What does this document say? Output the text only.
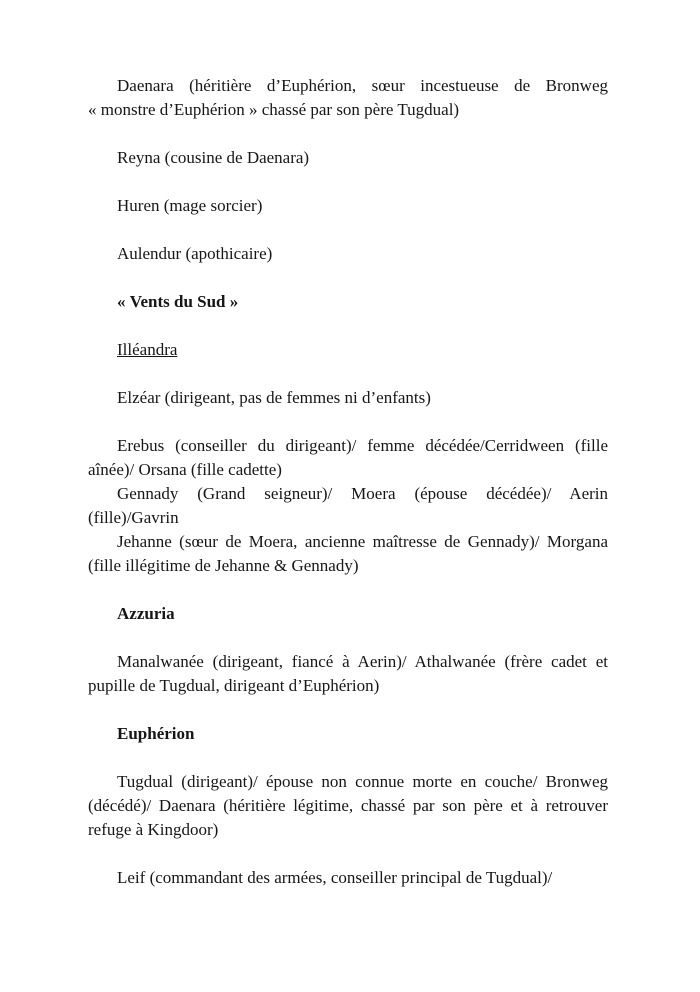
Daenara (héritière d’Euphérion, sœur incestueuse de Bronweg « monstre d’Euphérion » chassé par son père Tugdual)

Reyna (cousine de Daenara)

Huren (mage sorcier)

Aulendur (apothicaire)

« Vents du Sud »

Illéandra

Elzéar (dirigeant, pas de femmes ni d’enfants)

Erebus (conseiller du dirigeant)/ femme décédée/Cerridween (fille aînée)/ Orsana (fille cadette)

Gennady (Grand seigneur)/ Moera (épouse décédée)/ Aerin (fille)/Gavrin

Jehanne (sœur de Moera, ancienne maîtresse de Gennady)/ Morgana (fille illégitime de Jehanne & Gennady)

Azzuria

Manalwanée (dirigeant, fiancé à Aerin)/ Athalwanée (frère cadet et pupille de Tugdual, dirigeant d’Euphérion)

Euphérion

Tugdual (dirigeant)/ épouse non connue morte en couche/ Bronweg (décédé)/ Daenara (héritière légitime, chassé par son père et à retrouver refuge à Kingdoor)

Leif (commandant des armées, conseiller principal de Tugdual)/
